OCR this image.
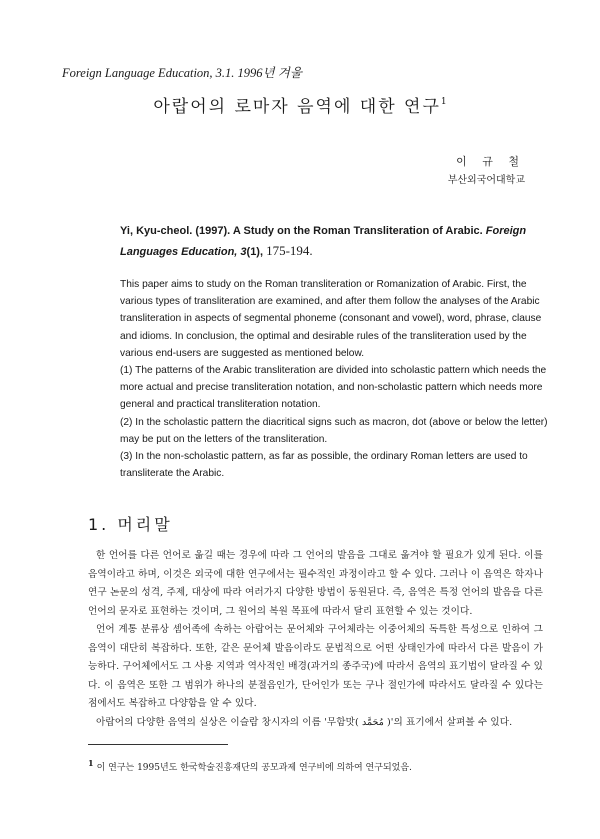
Foreign Language Education, 3.1. 1996년 겨울
아랍어의 로마자 음역에 대한 연구$^1$
이 규 철
부산외국어대학교
Yi, Kyu-cheol. (1997). A Study on the Roman Transliteration of Arabic. Foreign Languages Education, 3(1), 175-194.

This paper aims to study on the Roman transliteration or Romanization of Arabic. First, the various types of transliteration are examined, and after them follow the analyses of the Arabic transliteration in aspects of segmental phoneme (consonant and vowel), word, phrase, clause and idioms. In conclusion, the optimal and desirable rules of the transliteration used by the various end-users are suggested as mentioned below.

(1) The patterns of the Arabic transliteration are divided into scholastic pattern which needs the more actual and precise transliteration notation, and non-scholastic pattern which needs more general and practical transliteration notation.

(2) In the scholastic pattern the diacritical signs such as macron, dot (above or below the letter) may be put on the letters of the transliteration.

(3) In the non-scholastic pattern, as far as possible, the ordinary Roman letters are used to transliterate the Arabic.

1. 머리말

한 언어를 다른 언어로 옮길 때는 경우에 따라 그 언어의 발음을 그대로 옮겨야 할 필요가 있게 된다. 이를 음역이라고 하며, 이것은 외국에 대한 연구에서는 필수적인 과정이라고 할 수 있다. 그러나 이 음역은 학자나 연구 논문의 성격, 주제, 대상에 따라 여러가지 다양한 방법이 동원된다. 즉, 음역은 특정 언어의 발음을 다른 언어의 문자로 표현하는 것이며, 그 원어의 복원 목표에 따라서 달리 표현할 수 있는 것이다.

언어 계통 분류상 셈어족에 속하는 아랍어는 문어체와 구어체라는 이중어체의 독특한 특성으로 인하여 그 음역이 대단히 복잡하다. 또한, 같은 문어체 발음이라도 문법적으로 어떤 상태인가에 따라서 다른 발음이 가능하다. 구어체에서도 그 사용 지역과 역사적인 배경(과거의 종주국)에 따라서 음역의 표기법이 달라질 수 있다. 이 음역은 또한 그 범위가 하나의 분절음인가, 단어인가 또는 구나 절인가에 따라서도 달라질 수 있다는 점에서도 복잡하고 다양함을 알 수 있다.

아랍어의 다양한 음역의 실상은 이슬람 창시자의 이름 '무함맛( مُحَمَّد )'의 표기에서 살펴볼 수 있다.

$^1$ 이 연구는 1995년도 한국학술진흥재단의 공모과제 연구비에 의하여 연구되었음.
